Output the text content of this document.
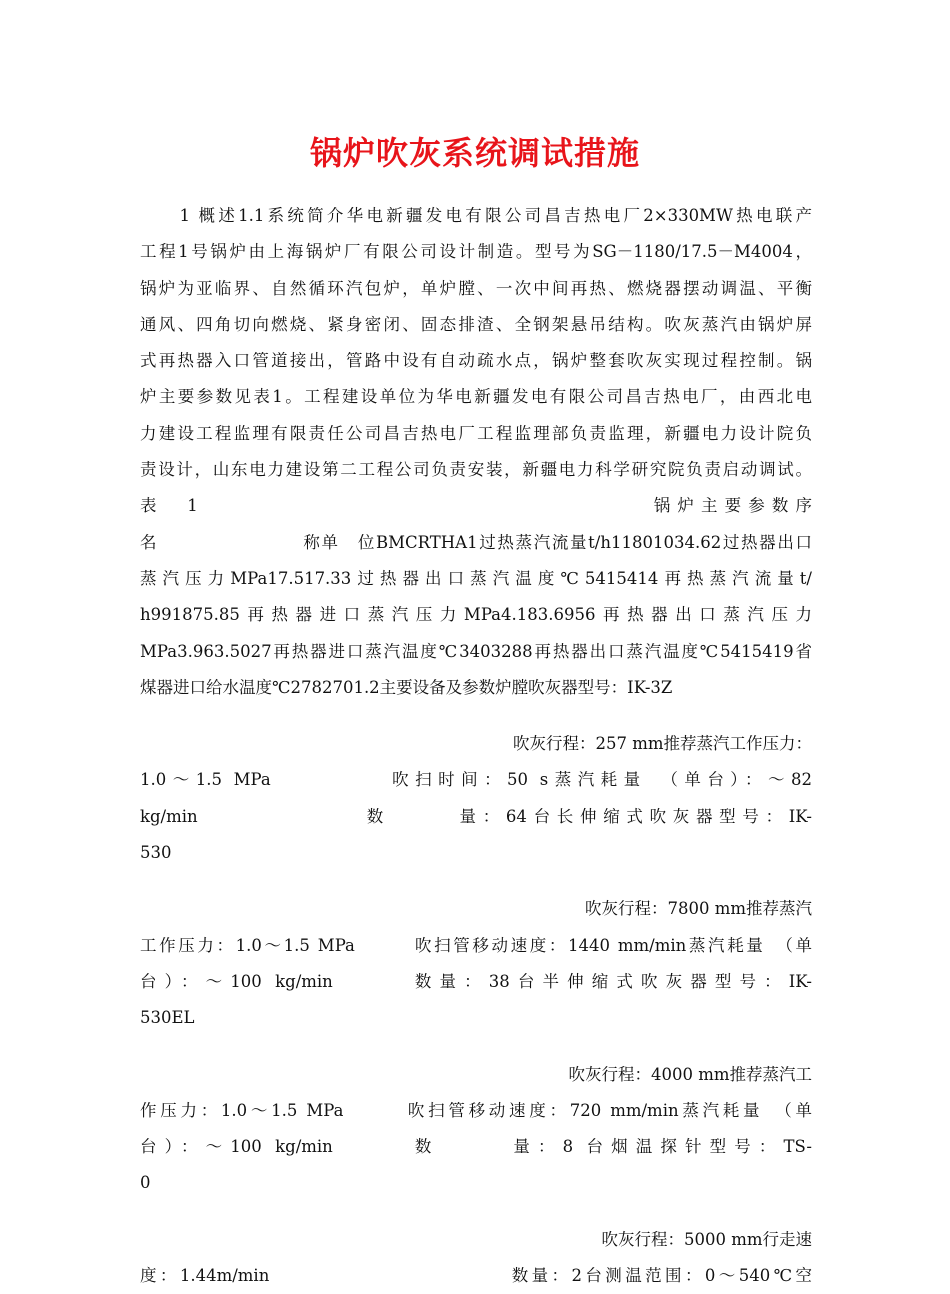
锅炉吹灰系统调试措施
　　1 概述1.1系统简介华电新疆发电有限公司昌吉热电厂2×330MW热电联产
工程1号锅炉由上海锅炉厂有限公司设计制造。型号为SG－1180/17.5－M4004，
锅炉为亚临界、自然循环汽包炉，单炉膛、一次中间再热、燃烧器摆动调温、平衡
通风、四角切向燃烧、紧身密闭、固态排渣、全钢架悬吊结构。吹灰蒸汽由锅炉屏
式再热器入口管道接出，管路中设有自动疏水点，锅炉整套吹灰实现过程控制。锅
炉主要参数见表1。工程建设单位为华电新疆发电有限公司昌吉热电厂，由西北电
力建设工程监理有限责任公司昌吉热电厂工程监理部负责监理，新疆电力设计院负
责设计，山东电力建设第二工程公司负责安装，新疆电力科学研究院负责启动调试。
表　1　　　　　　　　　　　　　　　　　　　锅炉主要参数序
名　　　　　　　　称单　位BMCRTHA1过热蒸汽流量t/h11801034.62过热器出口
蒸汽压力MPa17.517.33过热器出口蒸汽温度℃5415414再热蒸汽流量t/
h991875.85再热器进口蒸汽压力MPa4.183.6956再热器出口蒸汽压力
MPa3.963.5027再热器进口蒸汽温度℃3403288再热器出口蒸汽温度℃5415419省
煤器进口给水温度℃2782701.2主要设备及参数炉膛吹灰器型号：IK-3Z
吹灰行程：257 mm推荐蒸汽工作压力：
1.0～1.5 MPa　　　　　吹扫时间：50 s蒸汽耗量　（单台）：～82
kg/min　　　　　　　数　　　量：64台长伸缩式吹灰器型号：IK-
530
吹灰行程：7800 mm推荐蒸汽
工作压力：1.0～1.5 MPa　　　吹扫管移动速度：1440 mm/min蒸汽耗量　（单
台）：～100 kg/min　　　数量：38台半伸缩式吹灰器型号：IK-
530EL
吹灰行程：4000 mm推荐蒸汽工
作压力：1.0～1.5 MPa　　　吹扫管移动速度：720 mm/min蒸汽耗量　（单
台）：～100 kg/min　　　数　　　量：8 台烟温探针型号：TS-
0
吹灰行程：5000 mm行走速
度：1.44m/min　　　　　　　　　　　　数量：2台测温范围：0～540℃空
